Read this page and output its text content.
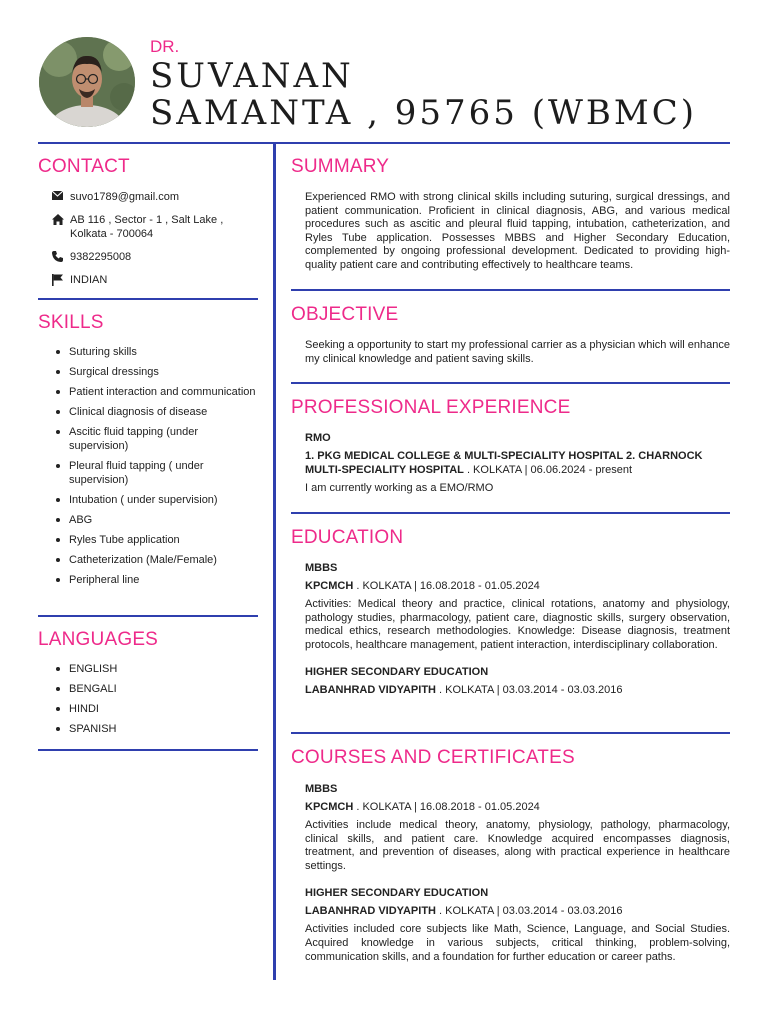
DR.
SUVANAN
SAMANTA , 95765 (WBMC)
CONTACT
suvo1789@gmail.com
AB 116 , Sector - 1 , Salt Lake , Kolkata - 700064
9382295008
INDIAN
SKILLS
Suturing skills
Surgical dressings
Patient interaction and communication
Clinical diagnosis of disease
Ascitic fluid tapping (under supervision)
Pleural fluid tapping ( under supervision)
Intubation ( under supervision)
ABG
Ryles Tube application
Catheterization (Male/Female)
Peripheral line
LANGUAGES
ENGLISH
BENGALI
HINDI
SPANISH
SUMMARY

Experienced RMO with strong clinical skills including suturing, surgical dressings, and patient communication. Proficient in clinical diagnosis, ABG, and various medical procedures such as ascitic and pleural fluid tapping, intubation, catheterization, and Ryles Tube application. Possesses MBBS and Higher Secondary Education, complemented by ongoing professional development. Dedicated to providing high-quality patient care and contributing effectively to healthcare teams.

OBJECTIVE

Seeking a opportunity to start my professional carrier as a physician which will enhance my clinical knowledge and patient saving skills.

PROFESSIONAL EXPERIENCE

RMO

1. PKG MEDICAL COLLEGE & MULTI-SPECIALITY HOSPITAL 2. CHARNOCK MULTI-SPECIALITY HOSPITAL . KOLKATA | 06.06.2024 - present

I am currently working as a EMO/RMO

EDUCATION

MBBS

KPCMCH . KOLKATA | 16.08.2018 - 01.05.2024

Activities: Medical theory and practice, clinical rotations, anatomy and physiology, pathology studies, pharmacology, patient care, diagnostic skills, surgery observation, medical ethics, research methodologies. Knowledge: Disease diagnosis, treatment protocols, healthcare management, patient interaction, interdisciplinary collaboration.

HIGHER SECONDARY EDUCATION

LABANHRAD VIDYAPITH . KOLKATA | 03.03.2014 - 03.03.2016

COURSES AND CERTIFICATES

MBBS

KPCMCH . KOLKATA | 16.08.2018 - 01.05.2024

Activities include medical theory, anatomy, physiology, pathology, pharmacology, clinical skills, and patient care. Knowledge acquired encompasses diagnosis, treatment, and prevention of diseases, along with practical experience in healthcare settings.

HIGHER SECONDARY EDUCATION

LABANHRAD VIDYAPITH . KOLKATA | 03.03.2014 - 03.03.2016

Activities included core subjects like Math, Science, Language, and Social Studies. Acquired knowledge in various subjects, critical thinking, problem-solving, communication skills, and a foundation for further education or career paths.
